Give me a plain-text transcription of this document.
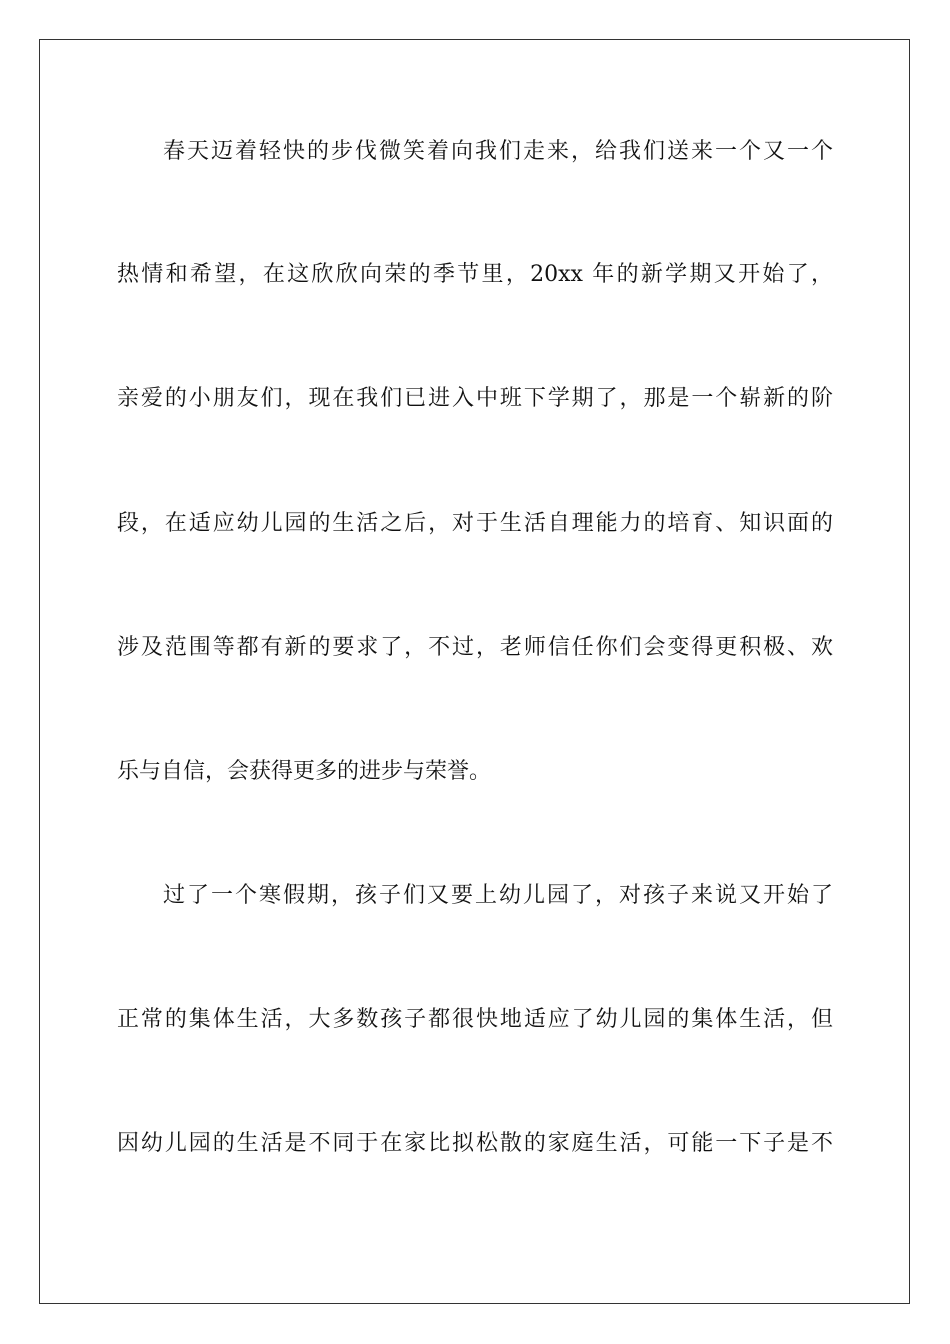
春天迈着轻快的步伐微笑着向我们走来，给我们送来一个又一个
热情和希望，在这欣欣向荣的季节里，20xx 年的新学期又开始了，
亲爱的小朋友们，现在我们已进入中班下学期了，那是一个崭新的阶
段，在适应幼儿园的生活之后，对于生活自理能力的培育、知识面的
涉及范围等都有新的要求了，不过，老师信任你们会变得更积极、欢
乐与自信，会获得更多的进步与荣誉。
过了一个寒假期，孩子们又要上幼儿园了，对孩子来说又开始了
正常的集体生活，大多数孩子都很快地适应了幼儿园的集体生活，但
因幼儿园的生活是不同于在家比拟松散的家庭生活，可能一下子是不
